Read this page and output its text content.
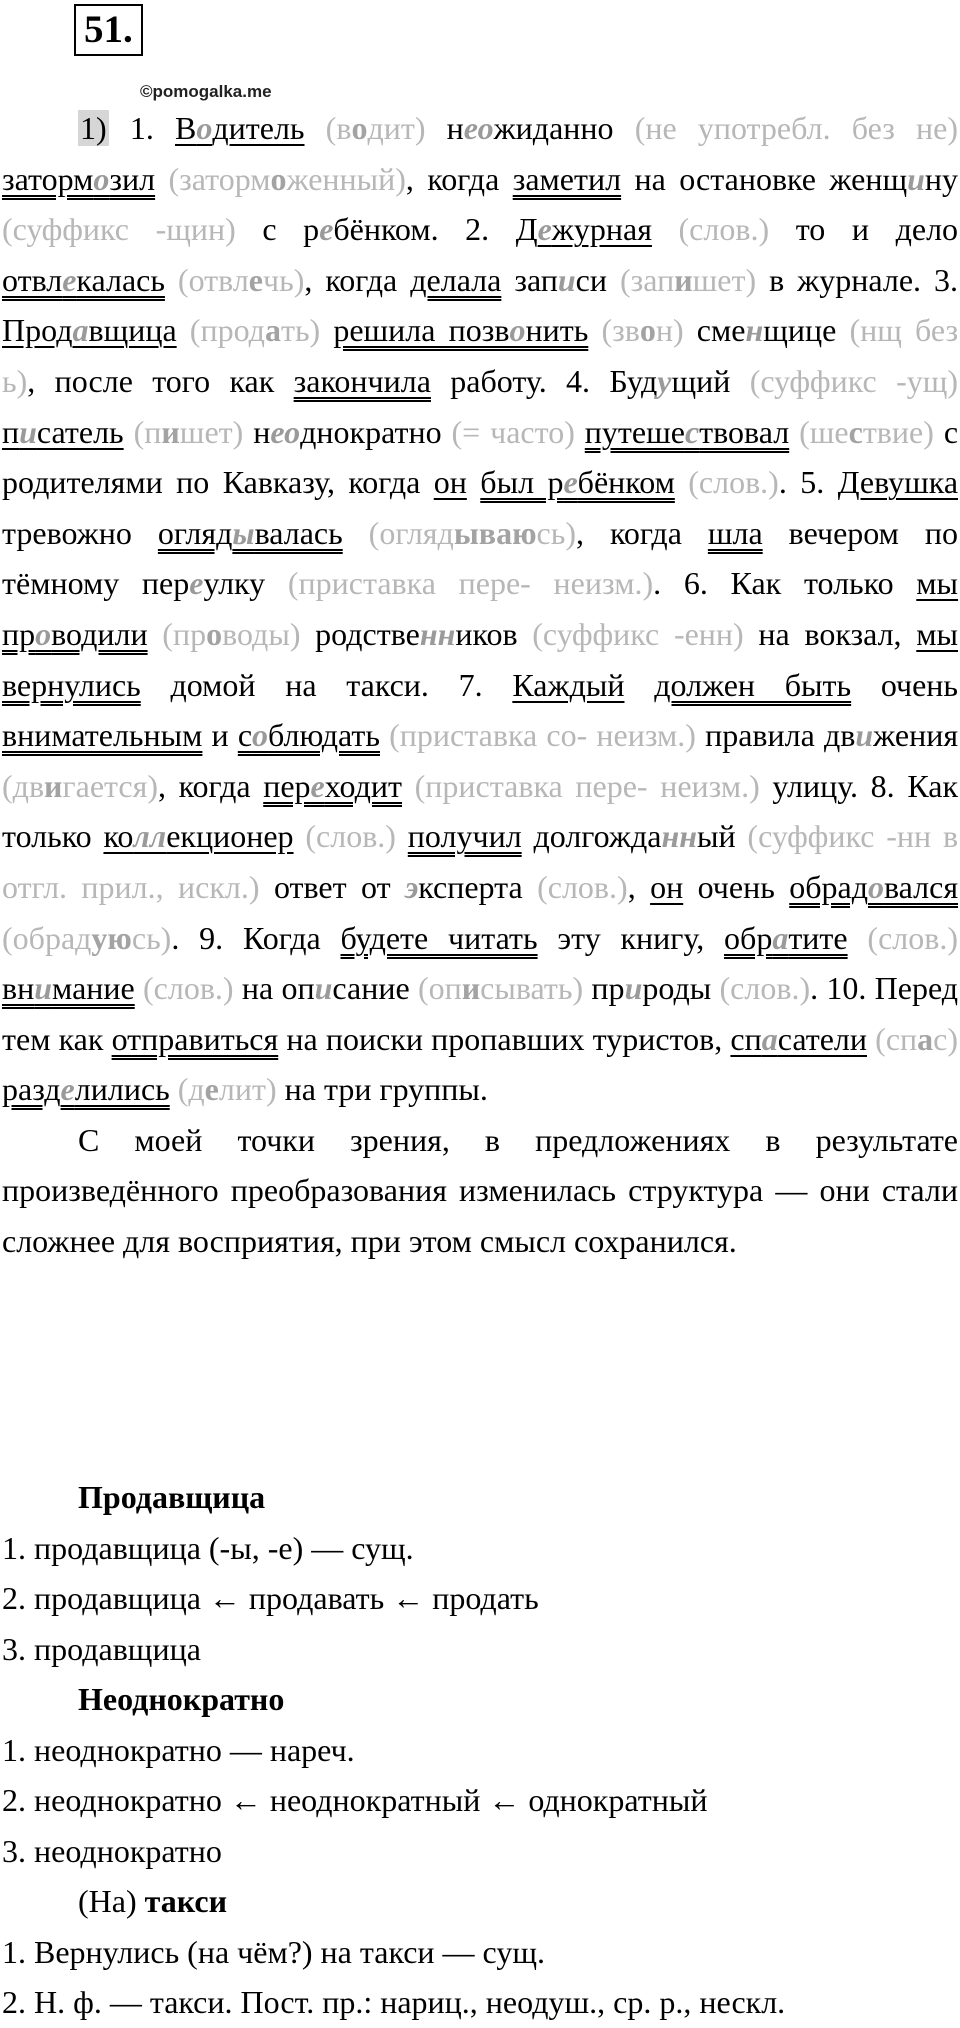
51.
©pomogalka.me

1) 1. Водитель (водит) неожиданно (не употребл. без не) затормозил (заторможенный), когда заметил на остановке женщину (суффикс -щин) с ребёнком. 2. Дежурная (слов.) то и дело отвлекалась (отвлечь), когда делала записи (запишет) в журнале. 3. Продавщица (продать) решила позвонить (звон) сменщице (нщ без ь), после того как закончила работу. 4. Будущий (суффикс -ущ) писатель (пишет) неоднократно (= часто) путешествовал (шествие) с родителями по Кавказу, когда он был ребёнком (слов.). 5. Девушка тревожно оглядывалась (оглядываюсь), когда шла вечером по тёмному переулку (приставка пере- неизм.). 6. Как только мы проводили (проводы) родственников (суффикс -енн) на вокзал, мы вернулись домой на такси. 7. Каждый должен быть очень внимательным и соблюдать (приставка со- неизм.) правила движения (двигается), когда переходит (приставка пере- неизм.) улицу. 8. Как только коллекционер (слов.) получил долгожданный (суффикс -нн в отгл. прил., искл.) ответ от эксперта (слов.), он очень обрадовался (обрадуюсь). 9. Когда будете читать эту книгу, обратите (слов.) внимание (слов.) на описание (описывать) природы (слов.). 10. Перед тем как отправиться на поиски пропавших туристов, спасатели (спас) разделились (делит) на три группы.

С моей точки зрения, в предложениях в результате произведённого преобразования изменилась структура — они стали сложнее для восприятия, при этом смысл сохранился.

Продавщица

1. продавщица (-ы, -е) — сущ.

2. продавщица ← продавать ← продать

3. продавщица

Неоднократно

1. неоднократно — нареч.

2. неоднократно ← неоднократный ← однократный

3. неоднократно

(На) такси

1. Вернулись (на чём?) на такси — сущ.

2. Н. ф. — такси. Пост. пр.: нариц., неодуш., ср. р., нескл.
